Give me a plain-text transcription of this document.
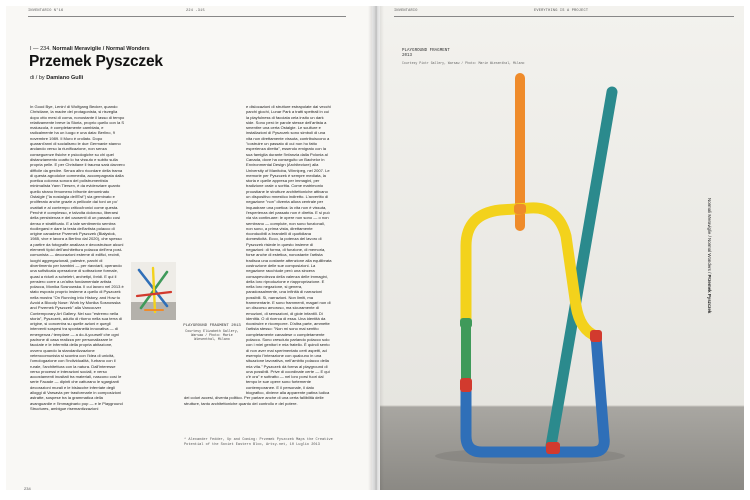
INVENTARIO N°16	224 -315
I — 234. Normali Meraviglie / Normal Wonders
Przemek Pyszczek
di / by Damiano Gulli

In Good Bye, Lenin! di Wolfgang Becker, quando Christiane, la madre del protagonista, si risveglia dopo otto mesi di coma, nonostante il lasso di tempo relativamente breve la Storia, proprio quello con la S maiuscola, è completamente cambiata, e radicalmente ha un luogo e una data: Berlino, 9 novembre 1989. Il Muro è crollato. Dopo quarant'anni di socialismo le due Germanie stanno andando verso la riunificazione, non senza conseguenze fisiche e psicologiche su chi quel distanziamento coatto lo ha vissuto e subito sulla propria pelle. E per Christiane il trauma sarà davvero difficile da gestire. Senza altro ricordare della trama di questa agrodolce commedia, accompagnata dalla poetica colonna sonora del polistrumentista minimalista Yann Tiersen, è da evidenziare quanto quello strano fenomeno bifronte denominato Ostalgie ("la nostalgia dell'Est") sia germinato e proliferato anche grazie a pellicole dai toni un po' ovattati e al contempo critico/ironici come questa. Perché è complesso, e talvolta doloroso, liberarsi della persistenza e dei caosenti di un passato così denso e stratificato. E a tale sentimento sembra ricollegarsi e dare la testa dell'artista polacco di origine canadese Przemek Pyszczek (Białystok, 1985, vive e lavora a Berlino dal 2020), che spesso a partire da fotografie analizza e decostruisce alcuni elementi tipici dell'architettura polacca dell'era post-comunista — decorazioni esterne di edifici, recinti, luoghi aggregazionali, palestre, parchi di divertimento per bambini — per riavviarli, operando una sofisticata operazione di sottrazione formale, quasi a ridurli a scheletri, archetipi, ibridi. E qui il pensiero corre a un'altra fondamentale artista polacca, Monika Sosnowska. Il cui lavoro nel 2013 è stato esposto proprio insieme a quello di Pyszczek nella mostra "On Running into History, and How to Avoid a Bloody Nose: Work by Monika Sosnowska and Przemek Pyszczek" alla Vancouver Contemporary Art Gallery. Nel suo "estremo nella storia", Pyszczek, adulto di ritorno nella sua terra di origine, si concentra su quelle azioni e quegli interventi sospesi tra spontaneità innovativa — di emergenza / templare — a do-it-yourself che ogni padrone di casa realizza per personalizzare le facciate e le infermità della propria abitazione, ovvero quando la standardizzazione veterocomunista si scontra con l'idea di unicità, l'omologazione con l'individualità, l'urbano con il rurale, l'architettura con la natura. Dall'interesse verso processi e interazioni sociali, e verso accostamenti inusitati tra materiali, nascono così le serie Facade — dipinti che catturano le sgargianti decorazioni murali e le bislacche inferriate degli alloggi di Varsavia per trasformarle in composizioni astratte, sospese tra la grammatica della avanguardie e l'immaginario pop — e le Playground Structures, ambigue risemantizzazioni

e dislocazioni di strutture estrapolate dai vecchi parchi giochi, Lunar Park a tratti spettrali in cui la playfulness di facciata cela insito un dark side. Sono però le parole stesse dell'artista a smentire una certa Ostalgie. Le sculture e installazioni di Pyszczek sono simboli di una vita non direttamente vissuta, contribuiscono a "costruire un passato di cui non ho fatto esperienza diretta", essendo emigrato con la sua famiglia durante l'infanzia dalla Polonia al Canada, dove ha conseguito un Bachelor in Environmental Design (Architecture) alla University of Manitoba, Winnipeg, nel 2007. Le memorie per Pyszczek è sempre mediata, la storia e quelle appresa per immagini, per tradizione orale o scritta. Come matrimonio proustiane le strutture architettoniche attivano un dispositivo mnestico indiretto. L'avvertito di negazione "non" diventa allora centrale per inquadrare una poetica: la vita non è vissuta, l'esperienza del passato non è diretta. E si può via via continuare: le opere non sono — o non sembrano — complute, non sono funzionali, non sono, a prima vista, direttamente riconducibili a brandelli di quotidiana domesticità. Ecco, la potenza del lavoro di Pyszczek risiede in questo insieme di negazioni: di forma, di funzione, di memoria, forse anche di estetica, nonostante l'artista tradisca una costante attenzione alla equilibrata costruzione delle sue composizioni. La negazione racchiude però una sincera consapevolezza della valenza delle immagini, della loro riproduzione e riappropriazione. E nella loro negazione, si genera, paradossalmente, una infinità di narrazioni possibili. Si, narrazioni. Non limiti, ma frammentarie. E sono frammenti, magari non di un discorso amoroso, ma sicuramente di emozioni, di sensazioni, di gioie infantili. Di identità. O di ricerca di essa. Una identità da ricostruire e ricomporre. D'altra parte, ammette l'artista stesso: "Non mi sono mai sentito completamente canadese o completamente polacco. Sono cresciuto parlando polacco solo con i miei genitori e mia fratello. È quindi sento di non aver mai sperimentato certi aspetti, ad esempio l'interazione con qualcuno in una situazione lavorativa, nell'ambito polacco della mia vita." Pyszczek dà forma al playground di una possibili. Prive di coordinate certe — E qui c'è ora" e sottratto — nel loro porsi fuori dal tempo le sue opere sono fortemente contemporanee. E il personale, il dato biografico, diviene alla apparente patina ludica dei colori accesi, diventa politico. Per parlare anche di una certa fallibilità delle strutture, tanto architettoniche quanto del controllo e del potere.

PLAYGROUND FRAGMENT 2013
Courtesy Elizabeth Gallery, Warsaw / Photo: Marie Wiesenthal, Milano
* Alexander Fedder, Up and Coming: Przemek Pyszczek Maps the Creative Potential of the Soviet Eastern Bloc, Artsy.net, 10 Luglio 2013
234
INVENTARIO	EVERYTHING IS A PROJECT
PLAYGROUND FRAGMENT
2013
Courtesy Piotr Gallery, Warsaw / Photo: Marie Wiesenthal, Milano
Normali Meraviglie / Normal Wonders / Przemek Pyszczek
